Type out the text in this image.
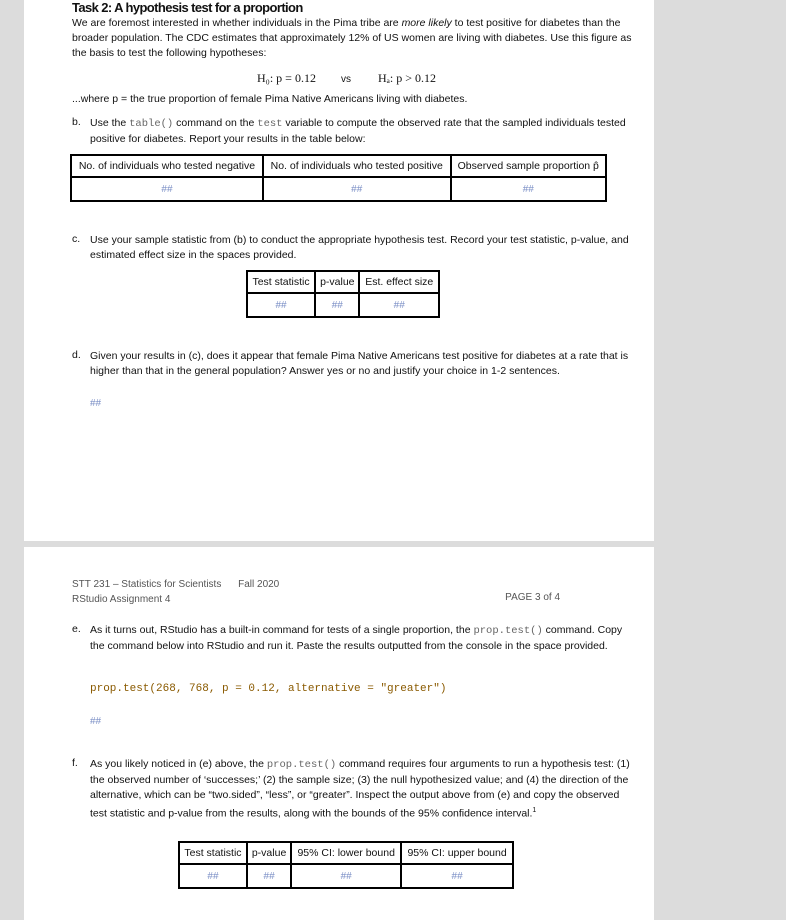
Task 2: A hypothesis test for a proportion
We are foremost interested in whether individuals in the Pima tribe are more likely to test positive for diabetes than the broader population. The CDC estimates that approximately 12% of US women are living with diabetes. Use this figure as the basis to test the following hypotheses:
H₀: p = 0.12	vs Hₐ: p > 0.12
...where p = the true proportion of female Pima Native Americans living with diabetes.
b. Use the table() command on the test variable to compute the observed rate that the sampled individuals tested positive for diabetes. Report your results in the table below:
No. of individuals who tested negative	No. of individuals who tested positive	Observed sample proportion p̂
##	##	##
c. Use your sample statistic from (b) to conduct the appropriate hypothesis test. Record your test statistic, p-value, and estimated effect size in the spaces provided.
Test statistic	p-value	Est. effect size
##	##	##
d. Given your results in (c), does it appear that female Pima Native Americans test positive for diabetes at a rate that is higher than that in the general population? Answer yes or no and justify your choice in 1-2 sentences.
##
STT 231 – Statistics for Scientists Fall 2020
RStudio Assignment 4	PAGE 3 of 4
e. As it turns out, RStudio has a built-in command for tests of a single proportion, the prop.test() command. Copy the command below into RStudio and run it. Paste the results outputted from the console in the space provided.
prop.test(268, 768, p = 0.12, alternative = "greater")
##
f.	As you likely noticed in (e) above, the prop.test() command requires four arguments to run a hypothesis test: (1) the observed number of ‘successes;’ (2) the sample size; (3) the null hypothesized value; and (4) the direction of the alternative, which can be “two.sided”, “less”, or “greater”. Inspect the output above from (e) and copy the observed test statistic and p-value from the results, along with the bounds of the 95% confidence interval.$^1$
Test statistic	p-value	95% CI: lower bound	95% CI: upper bound
##	##	##	##
